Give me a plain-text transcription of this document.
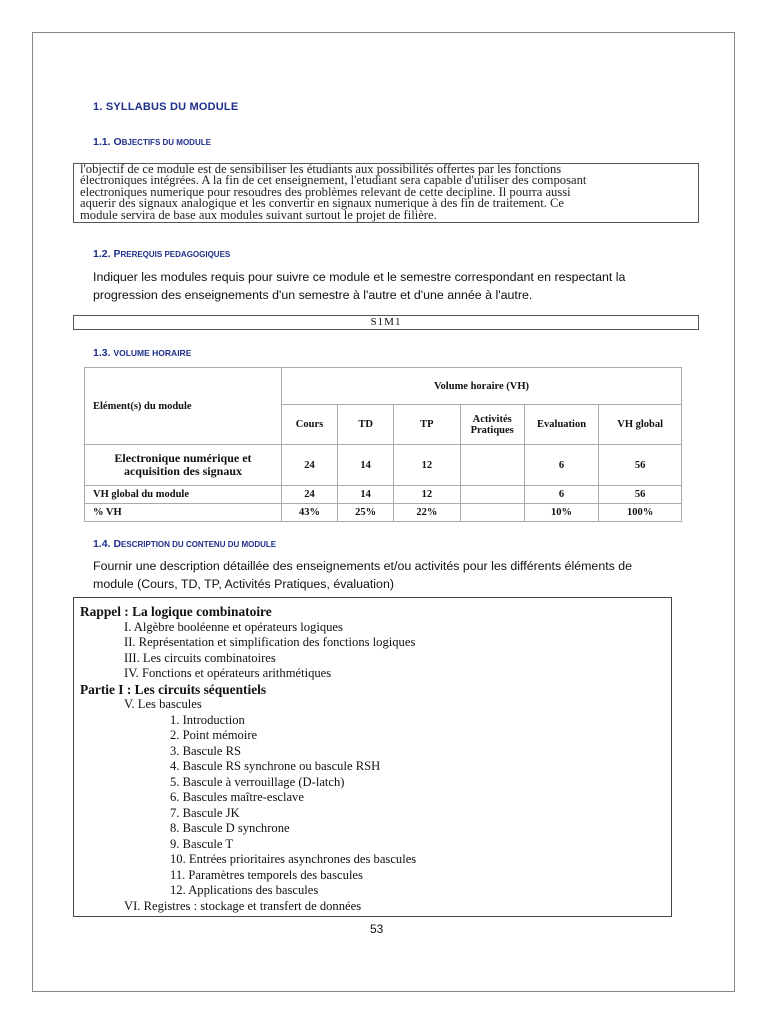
1. SYLLABUS DU MODULE
1.1. OBJECTIFS DU MODULE
l'objectif de ce module est de sensibiliser les étudiants aux possibilités offertes par les fonctions
électroniques intégrées. A la fin de cet enseignement, l'etudiant sera capable d'utiliser des composant
electroniques numerique pour resoudres des problèmes relevant de cette decipline. Il pourra aussi
aquerir des signaux analogique et les convertir en signaux numerique à des fin de traitement. Ce
module servira de base aux modules suivant surtout le projet de filière.
1.2. PREREQUIS PEDAGOGIQUES
Indiquer les modules requis pour suivre ce module et le semestre correspondant en respectant la progression des enseignements d'un semestre à l'autre et d'une année à l'autre.
S1M1
1.3. VOLUME HORAIRE
Elément(s) du module	Volume horaire (VH)					
	Cours	TD	TP	Activités Pratiques	Evaluation	VH global
Electronique numérique et acquisition des signaux	24	14	12		6	56
VH global du module	24	14	12		6	56
% VH	43%	25%	22%		10%	100%
1.4. DESCRIPTION DU CONTENU DU MODULE
Fournir une description détaillée des enseignements et/ou activités pour les différents éléments de module (Cours, TD, TP, Activités Pratiques, évaluation)
Rappel : La logique combinatoire
I. Algèbre booléenne et opérateurs logiques
II. Représentation et simplification des fonctions logiques
III. Les circuits combinatoires
IV. Fonctions et opérateurs arithmétiques
Partie I : Les circuits séquentiels
V. Les bascules
1. Introduction
2. Point mémoire
3. Bascule RS
4. Bascule RS synchrone ou bascule RSH
5. Bascule à verrouillage (D-latch)
6. Bascules maître-esclave
7. Bascule JK
8. Bascule D synchrone
9. Bascule T
10. Entrées prioritaires asynchrones des bascules
11. Paramètres temporels des bascules
12. Applications des bascules
VI. Registres : stockage et transfert de données
53
